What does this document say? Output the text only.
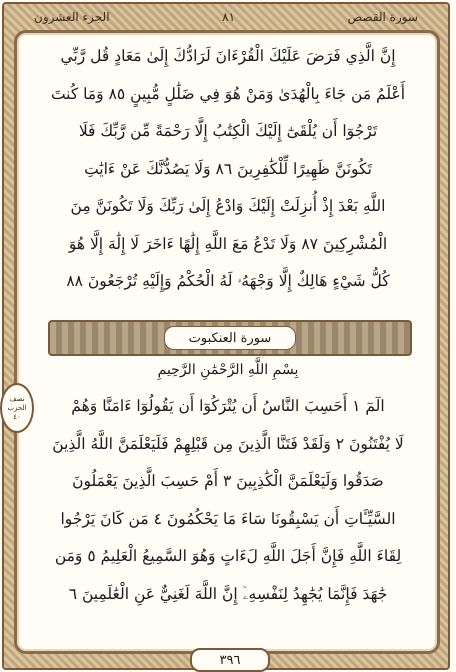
الجزء العشرون	٨١	سورة القصص
إِنَّ الَّذِي فَرَضَ عَلَيْكَ الْقُرْءَانَ لَرَادُّكَ إِلَىٰ مَعَادٍ قُل رَّبِّي
أَعْلَمُ مَن جَاءَ بِالْهُدَىٰ وَمَنْ هُوَ فِي ضَلَٰلٍ مُّبِينٍ ٨٥ وَمَا كُنتَ
تَرْجُوٓا أَن يُلْقَىٰٓ إِلَيْكَ الْكِتَٰبُ إِلَّا رَحْمَةً مِّن رَّبِّكَ فَلَا
تَكُونَنَّ ظَهِيرًا لِّلْكَٰفِرِينَ ٨٦ وَلَا يَصُدُّنَّكَ عَنْ ءَايَٰتِ
اللَّهِ بَعْدَ إِذْ أُنزِلَتْ إِلَيْكَ وَادْعُ إِلَىٰ رَبِّكَ وَلَا تَكُونَنَّ مِنَ
الْمُشْرِكِينَ ٨٧ وَلَا تَدْعُ مَعَ اللَّهِ إِلَٰهًا ءَاخَرَ لَا إِلَٰهَ إِلَّا هُوَ
كُلُّ شَيْءٍ هَالِكٌ إِلَّا وَجْهَهُۥ لَهُ الْحُكْمُ وَإِلَيْهِ تُرْجَعُونَ ٨٨
سورة العنكبوت
بِسْمِ اللَّهِ الرَّحْمَٰنِ الرَّحِيمِ
نصف
الحزب
٤٠
الٓمٓ ١ أَحَسِبَ النَّاسُ أَن يُتْرَكُوٓا أَن يَقُولُوٓا ءَامَنَّا وَهُمْ
لَا يُفْتَنُونَ ٢ وَلَقَدْ فَتَنَّا الَّذِينَ مِن قَبْلِهِمْ فَلَيَعْلَمَنَّ اللَّهُ الَّذِينَ
صَدَقُوا وَلَيَعْلَمَنَّ الْكَٰذِبِينَ ٣ أَمْ حَسِبَ الَّذِينَ يَعْمَلُونَ
السَّيِّـَٔاتِ أَن يَسْبِقُونَا سَاءَ مَا يَحْكُمُونَ ٤ مَن كَانَ يَرْجُوا
لِقَاءَ اللَّهِ فَإِنَّ أَجَلَ اللَّهِ لَءَاتٍ وَهُوَ السَّمِيعُ الْعَلِيمُ ٥ وَمَن
جَٰهَدَ فَإِنَّمَا يُجَٰهِدُ لِنَفْسِهِۦٓ إِنَّ اللَّهَ لَغَنِيٌّ عَنِ الْعَٰلَمِينَ ٦
٣٩٦
